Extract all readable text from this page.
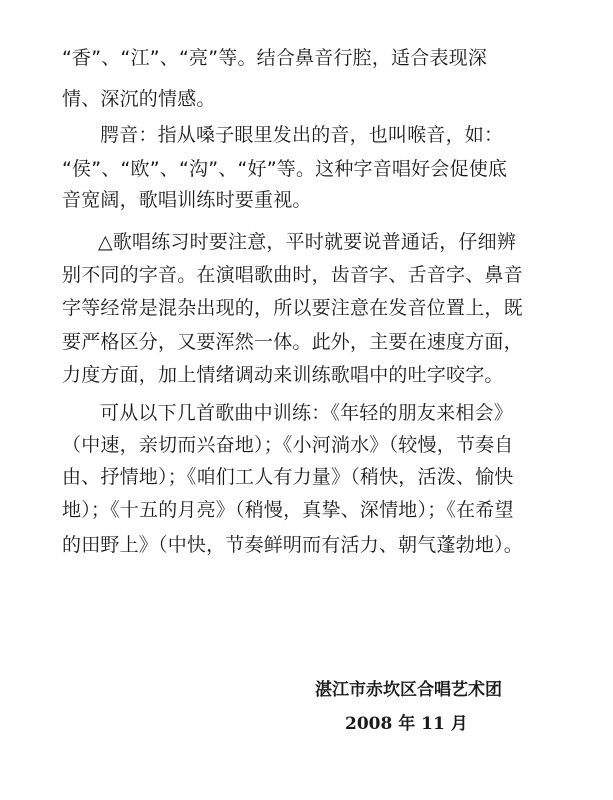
“香”、“江”、“亮”等。结合鼻音行腔，适合表现深
情、深沉的情感。
腭音：指从嗓子眼里发出的音，也叫喉音，如：
“侯”、“欧”、“沟”、“好”等。这种字音唱好会促使底
音宽阔，歌唱训练时要重视。
△歌唱练习时要注意，平时就要说普通话，仔细辨
别不同的字音。在演唱歌曲时，齿音字、舌音字、鼻音
字等经常是混杂出现的，所以要注意在发音位置上，既
要严格区分，又要浑然一体。此外，主要在速度方面，
力度方面，加上情绪调动来训练歌唱中的吐字咬字。
可从以下几首歌曲中训练：《年轻的朋友来相会》
（中速，亲切而兴奋地）；《小河淌水》（较慢，节奏自
由、抒情地）；《咱们工人有力量》（稍快，活泼、愉快
地）；《十五的月亮》（稍慢，真挚、深情地）；《在希望
的田野上》（中快，节奏鲜明而有活力、朝气蓬勃地）。
湛江市赤坎区合唱艺术团
2008 年 11 月
